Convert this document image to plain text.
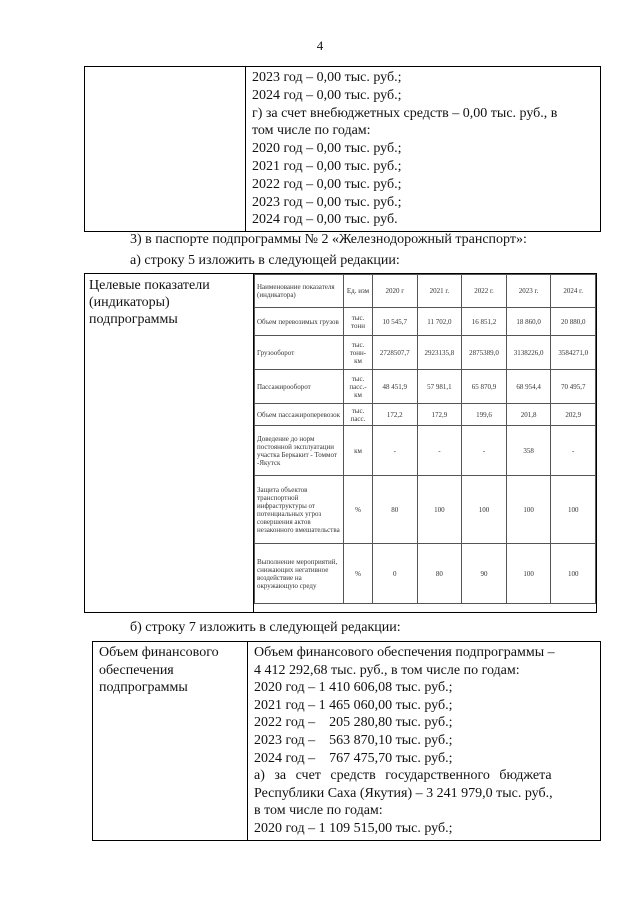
4

2023 год – 0,00 тыс. руб.;
2024 год – 0,00 тыс. руб.;
г) за счет внебюджетных средств – 0,00 тыс. руб., в
том числе по годам:
2020 год – 0,00 тыс. руб.;
2021 год – 0,00 тыс. руб.;
2022 год – 0,00 тыс. руб.;
2023 год – 0,00 тыс. руб.;
2024 год – 0,00 тыс. руб.
3) в паспорте подпрограммы № 2 «Железнодорожный транспорт»:
а) строку 5 изложить в следующей редакции:
Целевые показатели (индикаторы) подпрограммы	
Наименование показателя (индикатора)	Ед. изм	2020 г	2021 г.	2022 г.	2023 г.	2024 г.
Объем перевозимых грузов	тыс. тонн	10 545,7	11 702,0	16 851,2	18 860,0	20 880,0
Грузооборот	тыс. тонн-км	2728507,7	2923135,8	2875389,0	3138226,0	3584271,0
Пассажирооборот	тыс. пасс.-км	48 451,9	57 981,1	65 870,9	68 954,4	70 495,7
Объем пассажироперевозок	тыс. пасс.	172,2	172,9	199,6	201,8	202,9
Доведение до норм постоянной эксплуатации участка Беркакит - Томмот -Якутск	км	-	-	-	358	-
Защита объектов транспортной инфраструктуры от потенциальных угроз совершения актов незаконного вмешательства	%	80	100	100	100	100
Выполнение мероприятий, снижающих негативное воздействие на окружающую среду	%	0	80	90	100	100
б) строку 7 изложить в следующей редакции:
Объем финансового
обеспечения
подпрограммы

Объем финансового обеспечения подпрограммы –
4 412 292,68 тыс. руб., в том числе по годам:
2020 год – 1 410 606,08 тыс. руб.;
2021 год – 1 465 060,00 тыс. руб.;
2022 год –    205 280,80 тыс. руб.;
2023 год –    563 870,10 тыс. руб.;
2024 год –    767 475,70 тыс. руб.;
а) за счет средств государственного бюджета
Республики Саха (Якутия) – 3 241 979,0 тыс. руб.,
в том числе по годам:
2020 год – 1 109 515,00 тыс. руб.;
